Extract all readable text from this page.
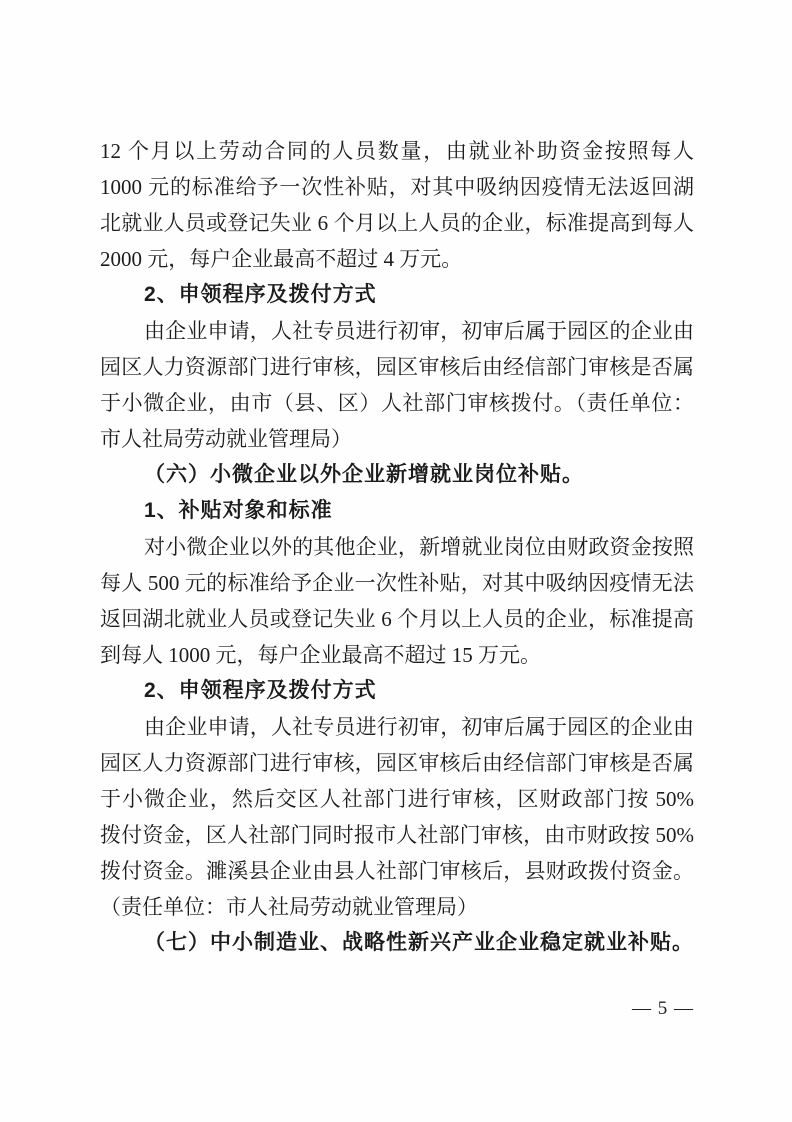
12 个月以上劳动合同的人员数量，由就业补助资金按照每人
1000 元的标准给予一次性补贴，对其中吸纳因疫情无法返回湖
北就业人员或登记失业 6 个月以上人员的企业，标准提高到每人
2000 元，每户企业最高不超过 4 万元。
2、申领程序及拨付方式
由企业申请，人社专员进行初审，初审后属于园区的企业由
园区人力资源部门进行审核，园区审核后由经信部门审核是否属
于小微企业，由市（县、区）人社部门审核拨付。（责任单位：
市人社局劳动就业管理局）
（六）小微企业以外企业新增就业岗位补贴。
1、补贴对象和标准
对小微企业以外的其他企业，新增就业岗位由财政资金按照
每人 500 元的标准给予企业一次性补贴，对其中吸纳因疫情无法
返回湖北就业人员或登记失业 6 个月以上人员的企业，标准提高
到每人 1000 元，每户企业最高不超过 15 万元。
2、申领程序及拨付方式
由企业申请，人社专员进行初审，初审后属于园区的企业由
园区人力资源部门进行审核，园区审核后由经信部门审核是否属
于小微企业，然后交区人社部门进行审核，区财政部门按 50%
拨付资金，区人社部门同时报市人社部门审核，由市财政按 50%
拨付资金。濉溪县企业由县人社部门审核后，县财政拨付资金。
（责任单位：市人社局劳动就业管理局）
（七）中小制造业、战略性新兴产业企业稳定就业补贴。
— 5 —
